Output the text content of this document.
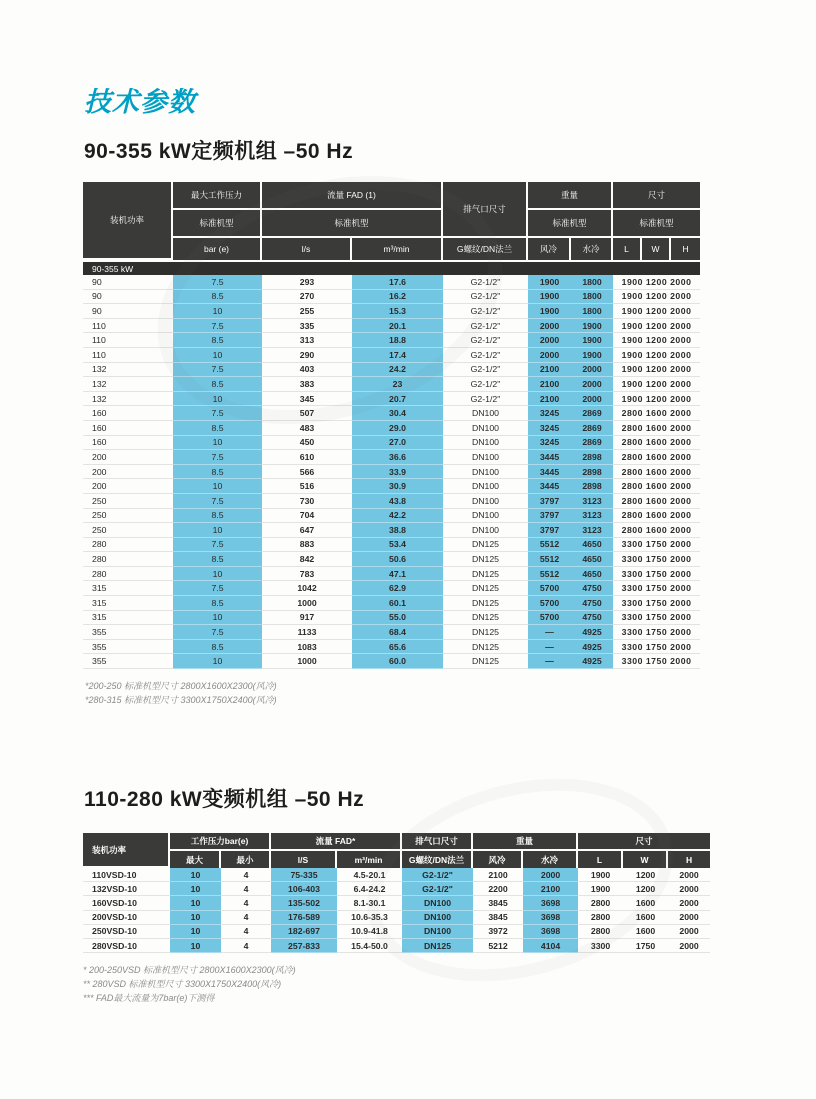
技术参数
90-355 kW定频机组 –50 Hz
装机功率	最大工作压力	流量 FAD (1)		排气口尺寸	重量		尺寸		
	标准机型	标准机型			标准机型		标准机型		
	bar (e)	l/s	m³/min	G螺纹/DN法兰	风冷	水冷	L	W	H
90-355 kW									
90	7.5	293	17.6	G2-1/2"	1900	1800	1900 1200 2000		
90	8.5	270	16.2	G2-1/2"	1900	1800	1900 1200 2000		
90	10	255	15.3	G2-1/2"	1900	1800	1900 1200 2000		
110	7.5	335	20.1	G2-1/2"	2000	1900	1900 1200 2000		
110	8.5	313	18.8	G2-1/2"	2000	1900	1900 1200 2000		
110	10	290	17.4	G2-1/2"	2000	1900	1900 1200 2000		
132	7.5	403	24.2	G2-1/2"	2100	2000	1900 1200 2000		
132	8.5	383	23	G2-1/2"	2100	2000	1900 1200 2000		
132	10	345	20.7	G2-1/2"	2100	2000	1900 1200 2000		
160	7.5	507	30.4	DN100	3245	2869	2800 1600 2000		
160	8.5	483	29.0	DN100	3245	2869	2800 1600 2000		
160	10	450	27.0	DN100	3245	2869	2800 1600 2000		
200	7.5	610	36.6	DN100	3445	2898	2800 1600 2000		
200	8.5	566	33.9	DN100	3445	2898	2800 1600 2000		
200	10	516	30.9	DN100	3445	2898	2800 1600 2000		
250	7.5	730	43.8	DN100	3797	3123	2800 1600 2000		
250	8.5	704	42.2	DN100	3797	3123	2800 1600 2000		
250	10	647	38.8	DN100	3797	3123	2800 1600 2000		
280	7.5	883	53.4	DN125	5512	4650	3300 1750 2000		
280	8.5	842	50.6	DN125	5512	4650	3300 1750 2000		
280	10	783	47.1	DN125	5512	4650	3300 1750 2000		
315	7.5	1042	62.9	DN125	5700	4750	3300 1750 2000		
315	8.5	1000	60.1	DN125	5700	4750	3300 1750 2000		
315	10	917	55.0	DN125	5700	4750	3300 1750 2000		
355	7.5	1133	68.4	DN125	—	4925	3300 1750 2000		
355	8.5	1083	65.6	DN125	—	4925	3300 1750 2000		
355	10	1000	60.0	DN125	—	4925	3300 1750 2000		
*200-250 标准机型尺寸 2800X1600X2300(风冷)
*280-315 标准机型尺寸 3300X1750X2400(风冷)
110-280 kW变频机组 –50 Hz
装机功率	工作压力bar(e)		流量 FAD*		排气口尺寸	重量		尺寸		
	最大	最小	l/S	m³/min	G螺纹/DN法兰	风冷	水冷	L	W	H
110VSD-10	10	4	75-335	4.5-20.1	G2-1/2"	2100	2000	1900	1200	2000
132VSD-10	10	4	106-403	6.4-24.2	G2-1/2"	2200	2100	1900	1200	2000
160VSD-10	10	4	135-502	8.1-30.1	DN100	3845	3698	2800	1600	2000
200VSD-10	10	4	176-589	10.6-35.3	DN100	3845	3698	2800	1600	2000
250VSD-10	10	4	182-697	10.9-41.8	DN100	3972	3698	2800	1600	2000
280VSD-10	10	4	257-833	15.4-50.0	DN125	5212	4104	3300	1750	2000
* 200-250VSD 标准机型尺寸 2800X1600X2300(风冷)
** 280VSD 标准机型尺寸 3300X1750X2400(风冷)
*** FAD最大流量为7bar(e)下测得
